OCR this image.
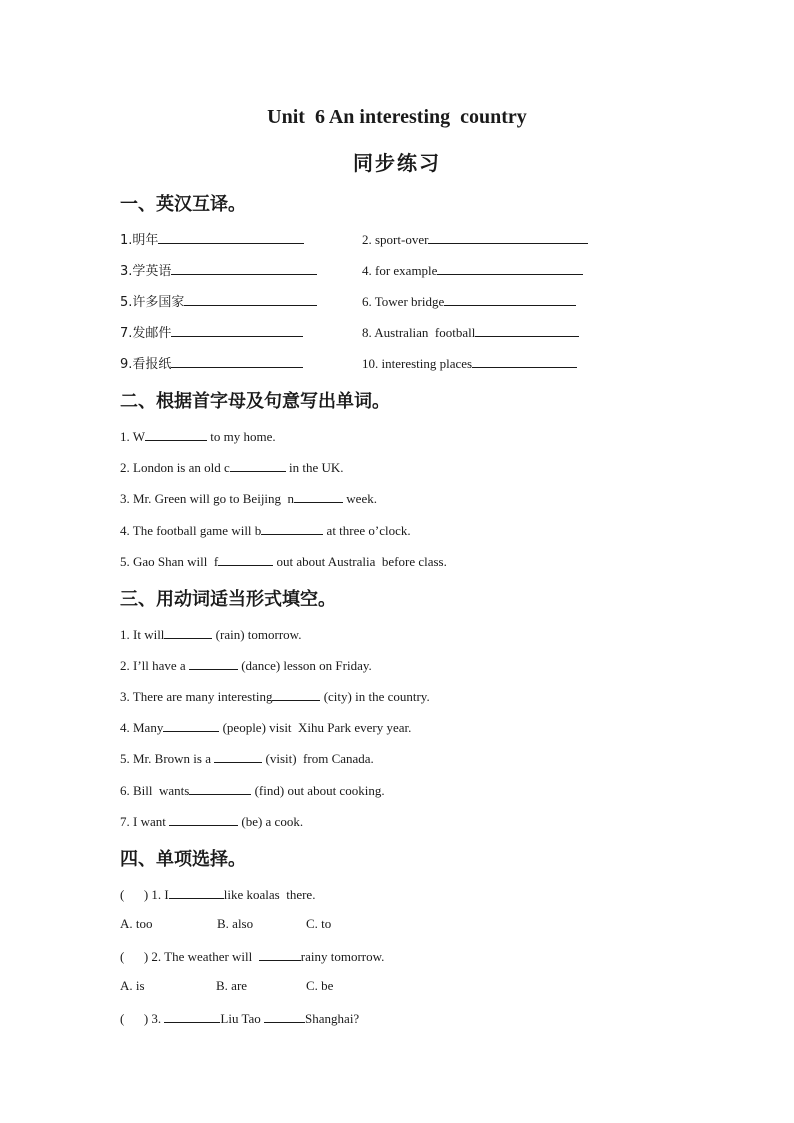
Unit  6 An interesting  country
同步练习
一、英汉互译。
1.明年	2. sport-over
3.学英语	4. for example
5.许多国家	6. Tower bridge
7.发邮件	8. Australian  football
9.看报纸	10. interesting places
二、根据首字母及句意写出单词。
1. W	to my home.
2. London is an old c	in the UK.
3. Mr. Green will go to Beijing  n	week.
4. The football game will b	at three o’clock.
5. Gao Shan will  f	out about Australia  before class.
三、用动词适当形式填空。
1. It will	(rain) tomorrow.
2. I’ll have a	(dance) lesson on Friday.
3. There are many interesting	(city) in the country.
4. Many	(people) visit  Xihu Park every year.
5. Mr. Brown is a	(visit)  from Canada.
6. Bill  wants	(find) out about cooking.
7. I want	(be) a cook.
四、单项选择。
(      ) 1. I	like koalas  there.
A. too	B. also	C. to
(      ) 2. The weather will	rainy tomorrow.
A. is	B. are	C. be
(      ) 3.	Liu Tao	Shanghai?
